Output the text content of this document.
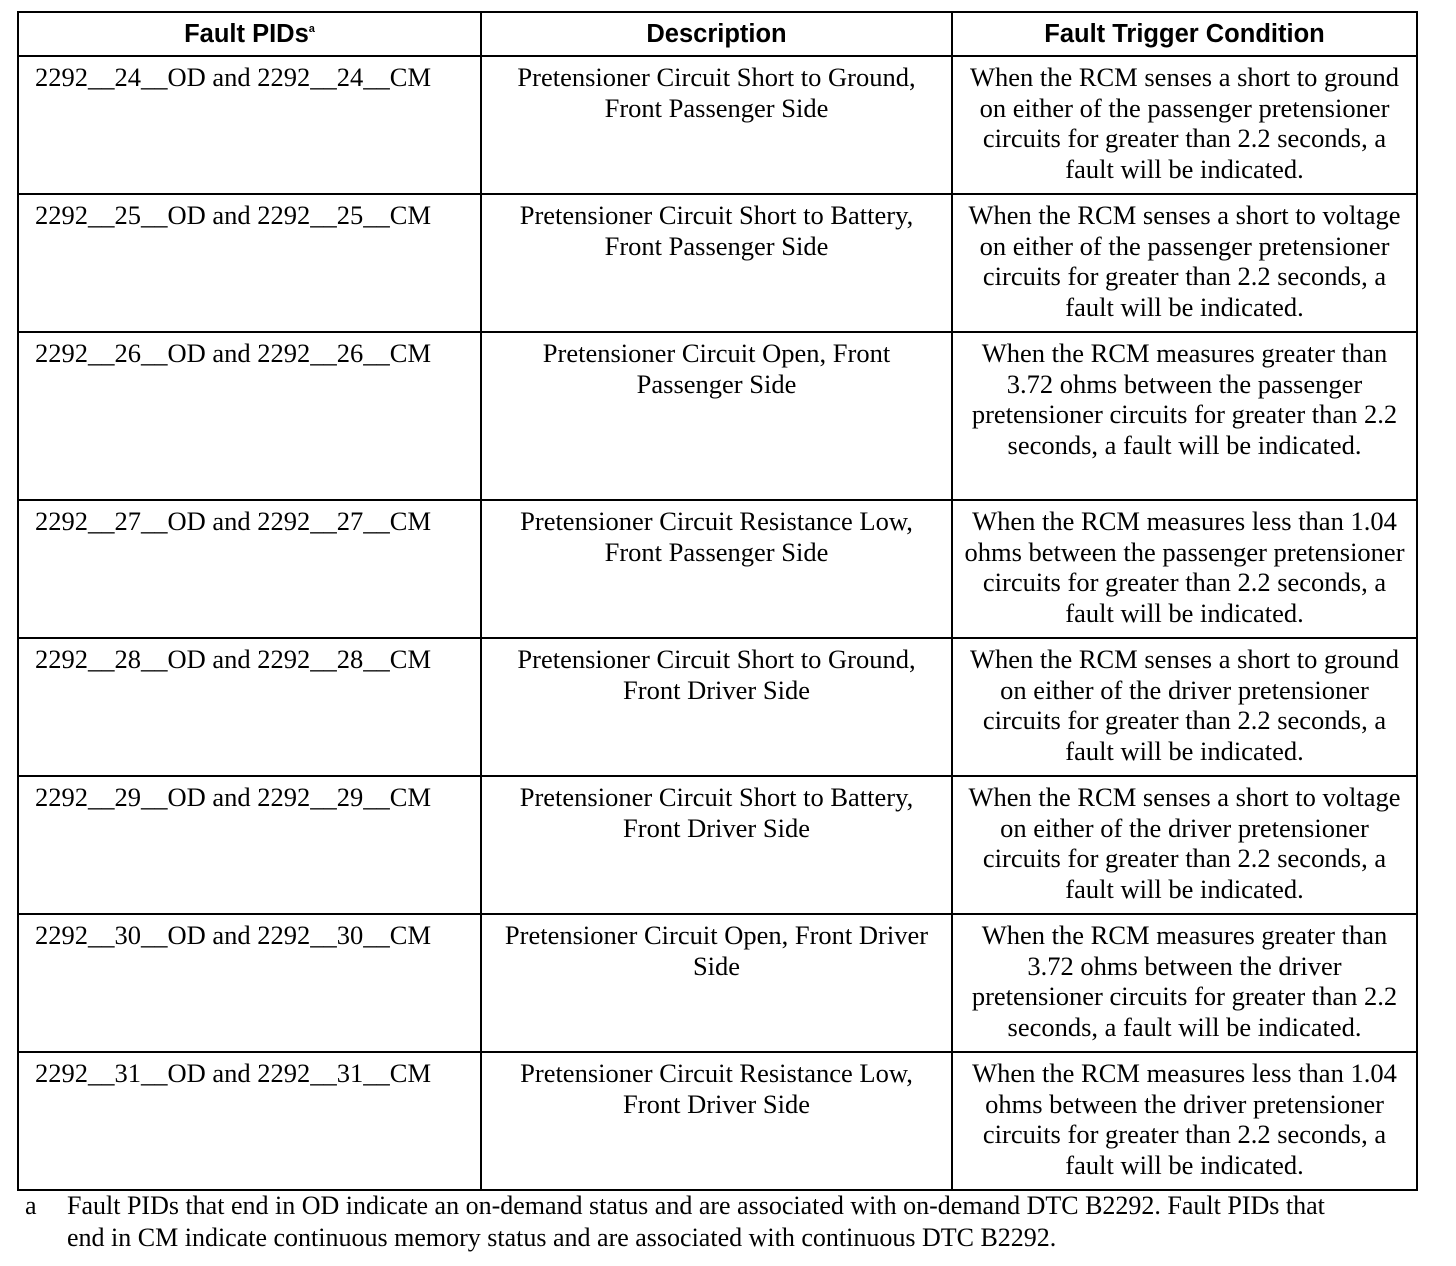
Fault PIDs$^a$	Description	Fault Trigger Condition
2292__24__OD and 2292__24__CM	Pretensioner Circuit Short to Ground, Front Passenger Side	When the RCM senses a short to ground on either of the passenger pretensioner circuits for greater than 2.2 seconds, a fault will be indicated.
2292__25__OD and 2292__25__CM	Pretensioner Circuit Short to Battery, Front Passenger Side	When the RCM senses a short to voltage on either of the passenger pretensioner circuits for greater than 2.2 seconds, a fault will be indicated.
2292__26__OD and 2292__26__CM	Pretensioner Circuit Open, Front Passenger Side	When the RCM measures greater than 3.72 ohms between the passenger pretensioner circuits for greater than 2.2 seconds, a fault will be indicated.
2292__27__OD and 2292__27__CM	Pretensioner Circuit Resistance Low, Front Passenger Side	When the RCM measures less than 1.04 ohms between the passenger pretensioner circuits for greater than 2.2 seconds, a fault will be indicated.
2292__28__OD and 2292__28__CM	Pretensioner Circuit Short to Ground, Front Driver Side	When the RCM senses a short to ground on either of the driver pretensioner circuits for greater than 2.2 seconds, a fault will be indicated.
2292__29__OD and 2292__29__CM	Pretensioner Circuit Short to Battery, Front Driver Side	When the RCM senses a short to voltage on either of the driver pretensioner circuits for greater than 2.2 seconds, a fault will be indicated.
2292__30__OD and 2292__30__CM	Pretensioner Circuit Open, Front Driver Side	When the RCM measures greater than 3.72 ohms between the driver pretensioner circuits for greater than 2.2 seconds, a fault will be indicated.
2292__31__OD and 2292__31__CM	Pretensioner Circuit Resistance Low, Front Driver Side	When the RCM measures less than 1.04 ohms between the driver pretensioner circuits for greater than 2.2 seconds, a fault will be indicated.
a	Fault PIDs that end in OD indicate an on-demand status and are associated with on-demand DTC B2292. Fault PIDs that end in CM indicate continuous memory status and are associated with continuous DTC B2292.
